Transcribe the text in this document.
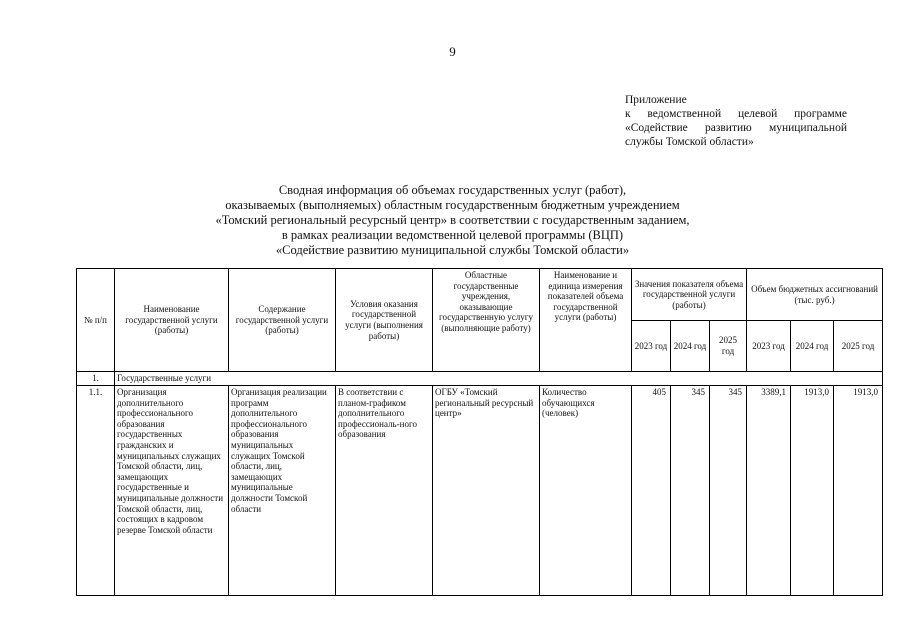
9
Приложение
к ведомственной целевой программе
«Содействие развитию муниципальной
службы Томской области»
Сводная информация об объемах государственных услуг (работ),
оказываемых (выполняемых) областным государственным бюджетным учреждением
«Томский региональный ресурсный центр» в соответствии с государственным заданием,
в рамках реализации ведомственной целевой программы (ВЦП)
«Содействие развитию муниципальной службы Томской области»
№ п/п	Наименование государственной услуги (работы)	Содержание государственной услуги (работы)	Условия оказания государственной услуги (выполнения работы)	Областные государственные учреждения, оказывающие государственную услугу (выполняющие работу)	Наименование и единица измерения показателей объема государственной услуги (работы)	Значения показателя объема государственной услуги (работы)			Объем бюджетных ассигнований (тыс. руб.)		
						2023 год	2024 год	2025 год	2023 год	2024 год	2025 год
1.	Государственные услуги										
1.1.	Организация дополнительного профессионального образования государственных гражданских и муниципальных служащих Томской области, лиц, замещающих государственные и муниципальные должности Томской области, лиц, состоящих в кадровом резерве Томской области	Организация реализации программ дополнительного профессионального образования муниципальных служащих Томской области, лиц, замещающих муниципальные должности Томской области	В соответствии с планом-графиком дополнительного профессиональ-ного образования	ОГБУ «Томский региональный ресурсный центр»	Количество обучающихся (человек)	405	345	345	3389,1	1913,0	1913,0
